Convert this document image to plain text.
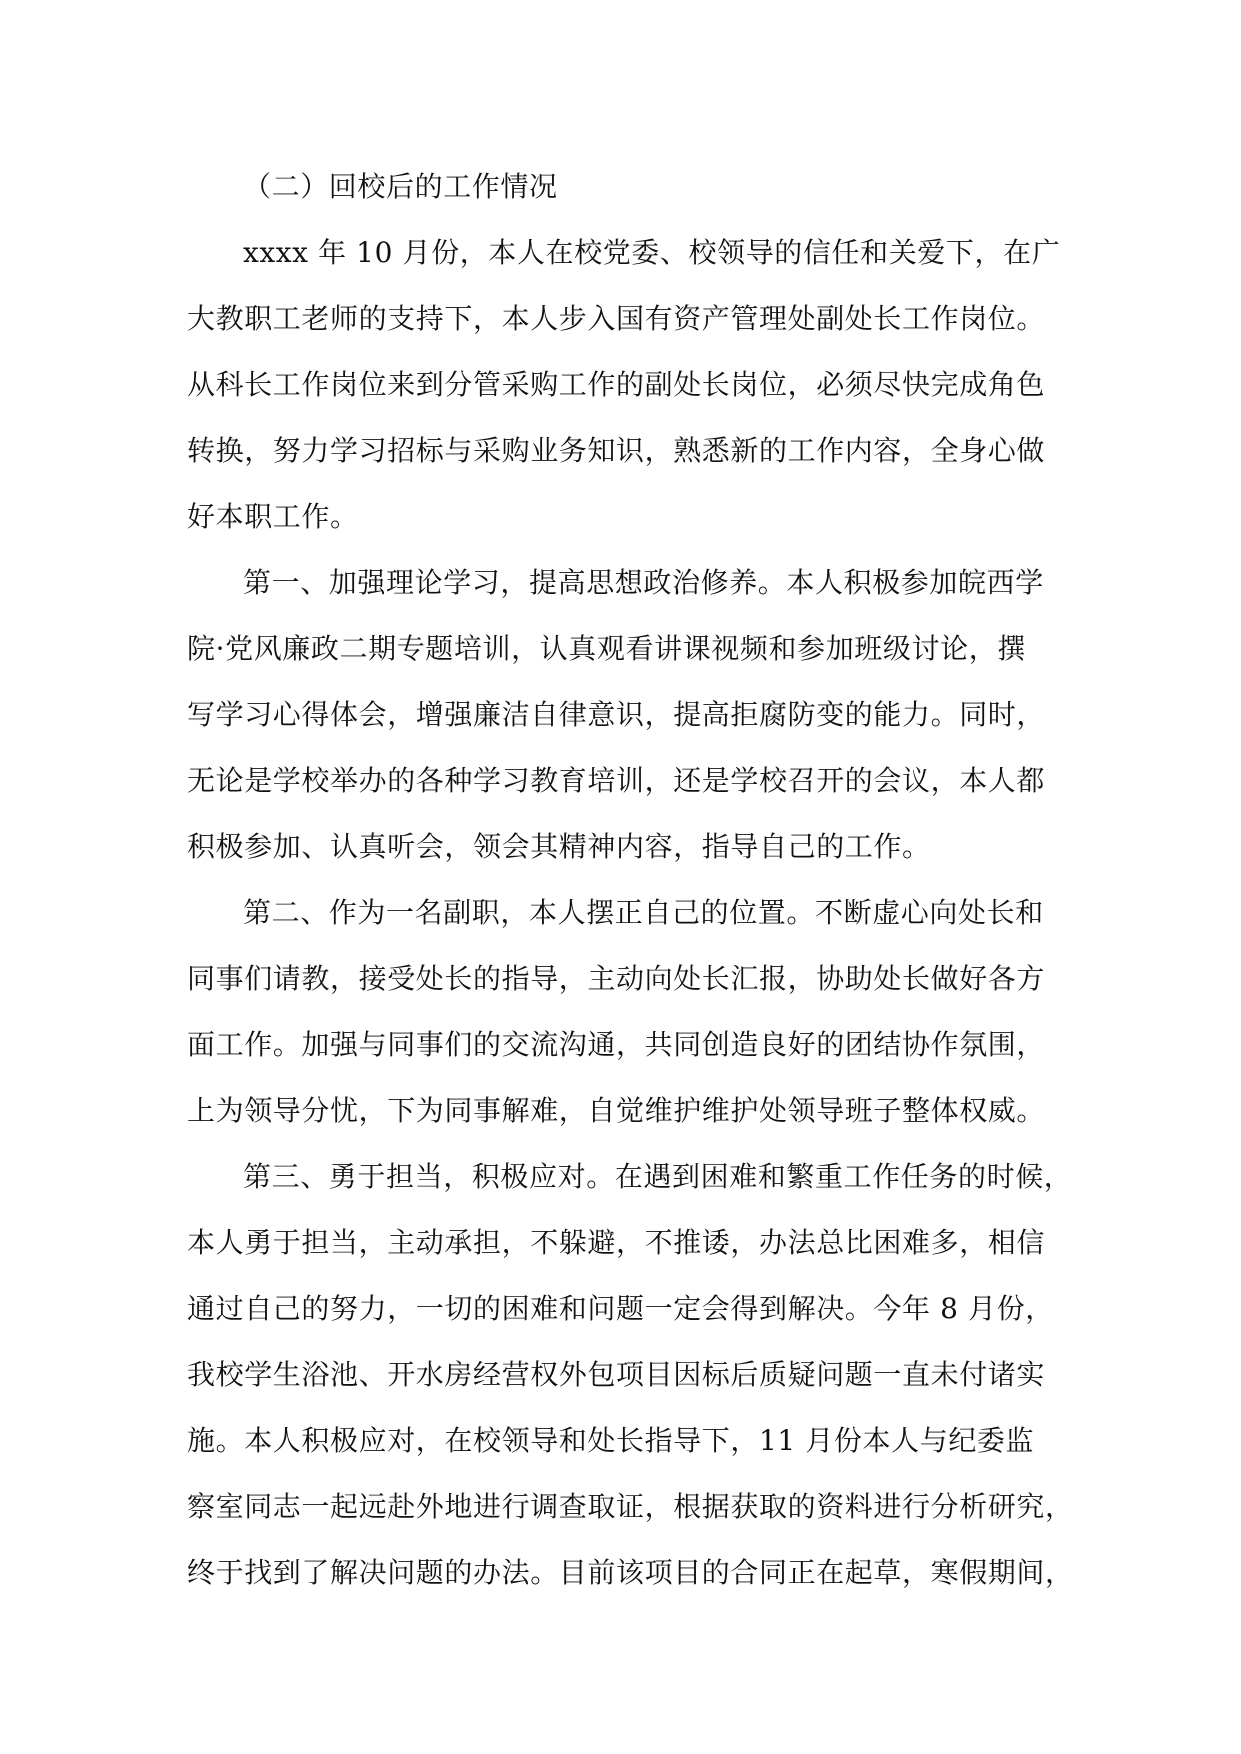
（二）回校后的工作情况

xxxx 年 10 月份，本人在校党委、校领导的信任和关爱下，在广
大教职工老师的支持下，本人步入国有资产管理处副处长工作岗位。
从科长工作岗位来到分管采购工作的副处长岗位，必须尽快完成角色
转换，努力学习招标与采购业务知识，熟悉新的工作内容，全身心做
好本职工作。

第一、加强理论学习，提高思想政治修养。本人积极参加皖西学
院·党风廉政二期专题培训，认真观看讲课视频和参加班级讨论，撰
写学习心得体会，增强廉洁自律意识，提高拒腐防变的能力。同时，
无论是学校举办的各种学习教育培训，还是学校召开的会议，本人都
积极参加、认真听会，领会其精神内容，指导自己的工作。

第二、作为一名副职，本人摆正自己的位置。不断虚心向处长和
同事们请教，接受处长的指导，主动向处长汇报，协助处长做好各方
面工作。加强与同事们的交流沟通，共同创造良好的团结协作氛围，
上为领导分忧，下为同事解难，自觉维护维护处领导班子整体权威。

第三、勇于担当，积极应对。在遇到困难和繁重工作任务的时候，
本人勇于担当，主动承担，不躲避，不推诿，办法总比困难多，相信
通过自己的努力，一切的困难和问题一定会得到解决。今年 8 月份，
我校学生浴池、开水房经营权外包项目因标后质疑问题一直未付诸实
施。本人积极应对，在校领导和处长指导下，11 月份本人与纪委监
察室同志一起远赴外地进行调查取证，根据获取的资料进行分析研究，
终于找到了解决问题的办法。目前该项目的合同正在起草，寒假期间，
